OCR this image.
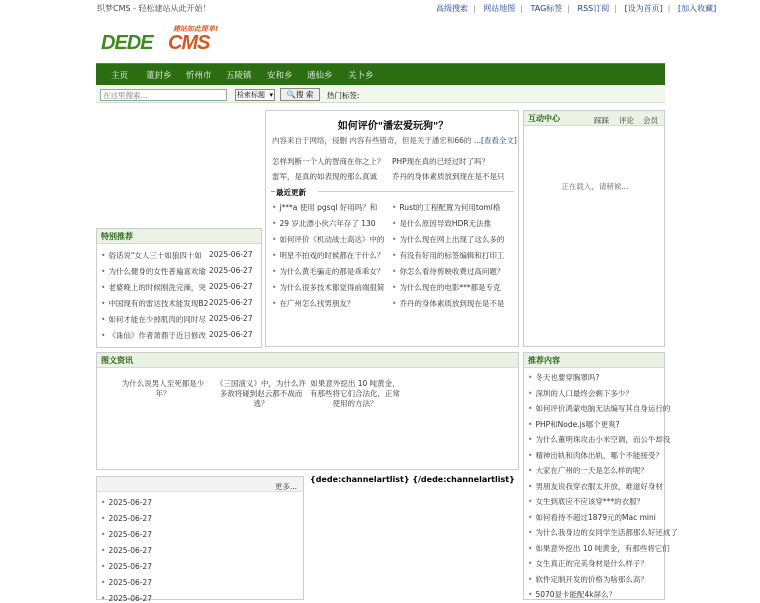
织梦CMS - 轻松建站从此开始！	高级搜索 | 网站地图 | TAG标签 | RSS订阅 | [设为首页] | [加入收藏]
建站如此简单!
DEDE CMS
主页 董封乡 忻州市 五陵镇 安和乡 通仙乡 关卜乡
在这里搜索...
检索标题 ▾	🔍搜 索	热门标签:
如何评价"潘宏爱玩狗"？
内容来自于网络，侵删 内容有些错奇，但是关于潘宏和66的 ...[查看全文]
怎样判断一个人的智商在你之上？
雷军，是真的如表现的那么真诚
PHP现在真的已经过时了吗？
乔丹的身体素质放到现在是不是只
最近更新
• j***a 使用 pgsql 好用吗？和
• 29 岁北漂小伙六年存了 130
• 如何评价《机动战士高达》中的
• 明星不拍戏的时候都在干什么？
• 为什么黄毛骗走的都是乖乖女？
• 为什么很多技术都觉得前端很简
• 在广州怎么找男朋友？
• Rust的工程配置为何用toml格
• 是什么原因导致HDR无法推
• 为什么现在网上出现了这么多的
• 有没有好用的标签编辑和打印工
• 你怎么看待剪映收费过高问题？
• 为什么现在的电影***都是专克
• 乔丹的身体素质放到现在是不是
互动中心	踩踩 评论 会员
正在载入，请稍候...
特别推荐
• 俗话说"女人三十如狼四十如 2025-06-27
• 为什么健身的女性普遍喜欢瑜 2025-06-27
• 老婆晚上的时候刚洗完澡，突 2025-06-27
• 中国现有的雷达技术能发现B2 2025-06-27
• 如何才能在少掉肌肉的同时尽 2025-06-27
• 《诛仙》作者萧鼎于近日修改 2025-06-27
图文资讯
为什么说男人至死都是少年？
《三国演义》中，为什么许多敌将碰到赵云都不战而逃？
如果意外挖出 10 吨黄金，有那些将它们合法化，正常使用的方法？
{dede:channelartlist} {/dede:channelartlist}
更多...
• 2025-06-27
• 2025-06-27
• 2025-06-27
• 2025-06-27
• 2025-06-27
• 2025-06-27
• 2025-06-27
推荐内容
• 冬天也要穿胸罩吗?
• 深圳的人口最终会剩下多少？
• 如何评价鸿蒙电脑无法编写其自身运行的
• PHP和Node.js哪个更爽?
• 为什么董明珠攻击小米空调，而公牛却没
• 精神出轨和肉体出轨，哪个不能接受？
• 大家在广州的一天是怎么样的呢？
• 男朋友说我穿衣服太开放，难道好身材
• 女生到底应不应该穿***的衣服？
• 如何看待不超过1879元的Mac mini
• 为什么我身边的女同学生活都那么好还成了
• 如果意外挖出 10 吨黄金，有那些将它们
• 女生真正的完美身材是什么样子？
• 软件定制开发的价格为啥那么高？
• 5070显卡能配4k屏么？
